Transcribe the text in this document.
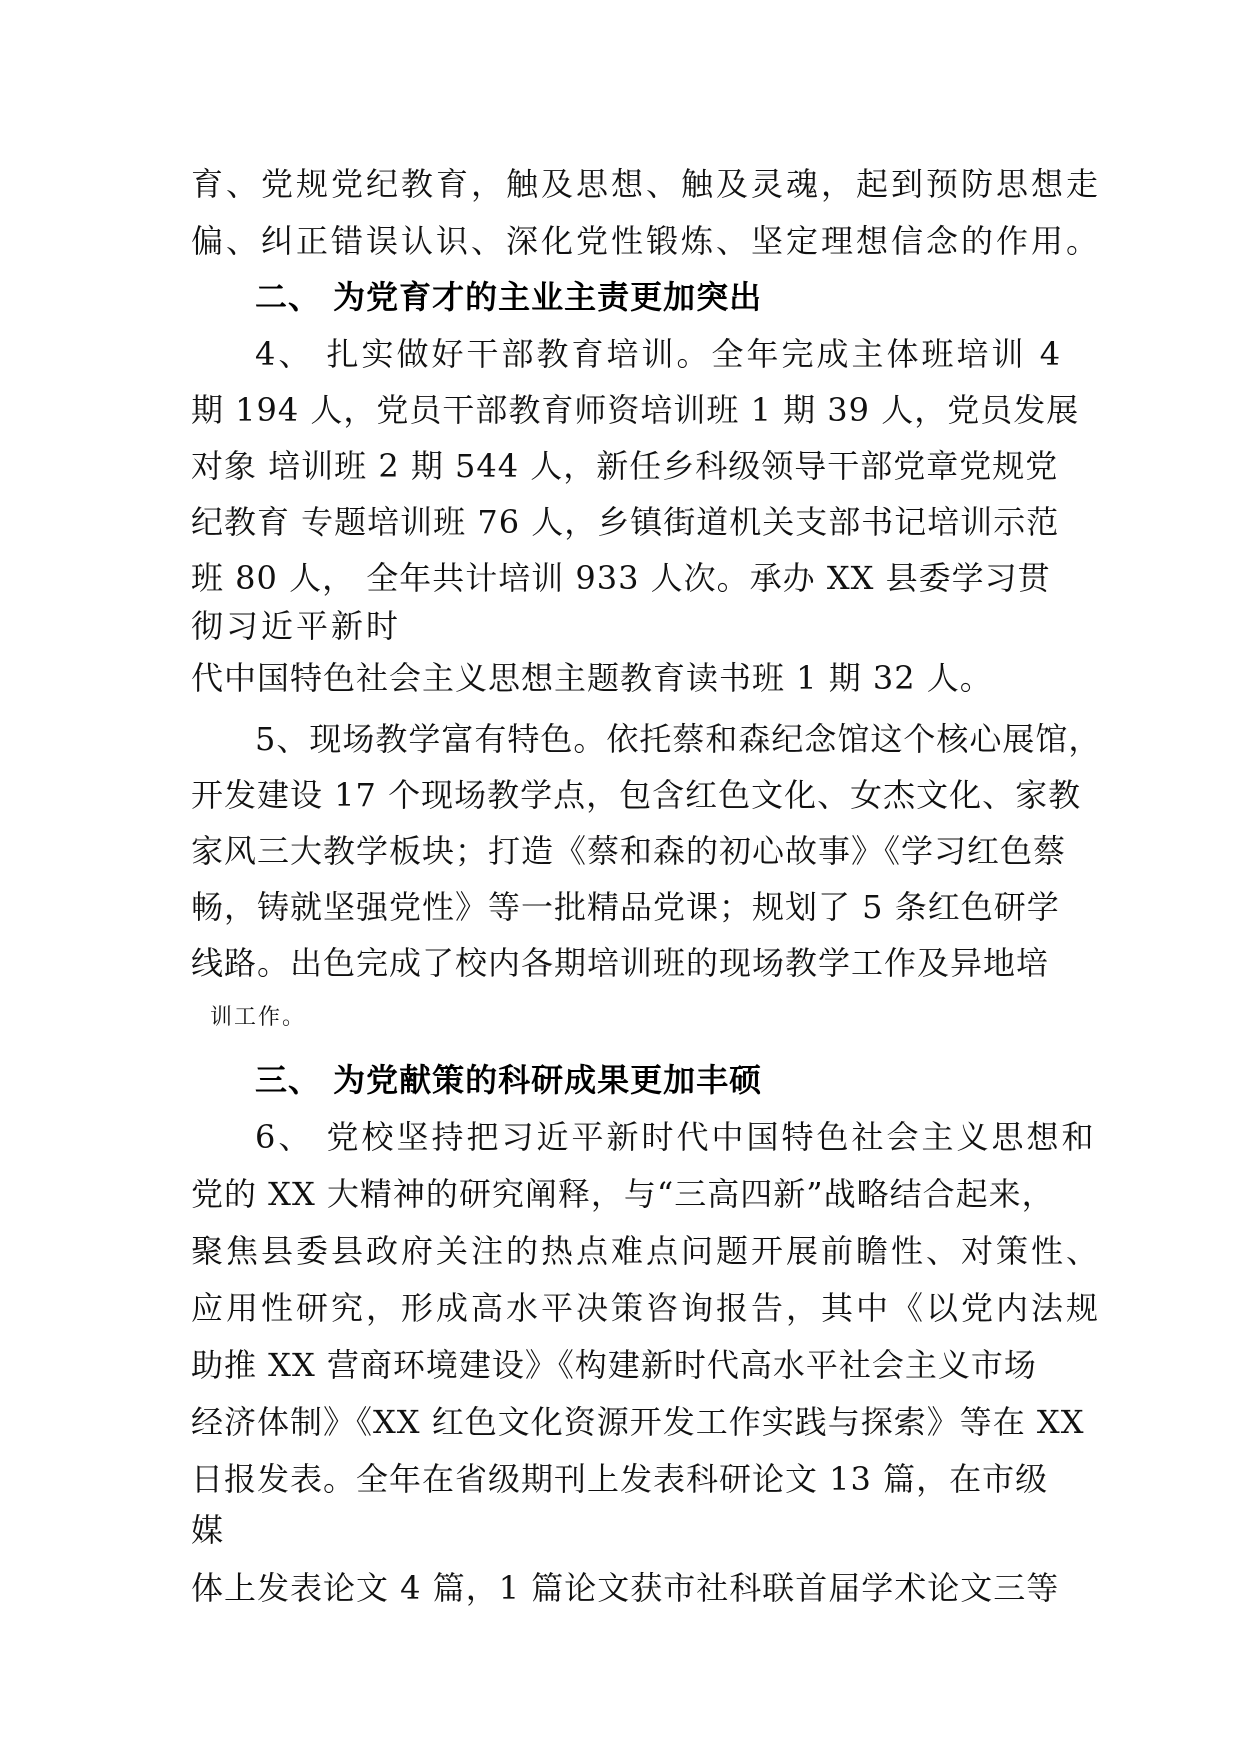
育、党规党纪教育，触及思想、触及灵魂，起到预防思想走
偏、纠正错误认识、深化党性锻炼、坚定理想信念的作用。
二、 为党育才的主业主责更加突出
4、 扎实做好干部教育培训。全年完成主体班培训 4
期 194 人，党员干部教育师资培训班 1 期 39 人，党员发展
对象 培训班 2 期 544 人，新任乡科级领导干部党章党规党
纪教育 专题培训班 76 人，乡镇街道机关支部书记培训示范
班 80 人， 全年共计培训 933 人次。承办 XX 县委学习贯
彻习近平新时
代中国特色社会主义思想主题教育读书班 1 期 32 人。
5、现场教学富有特色。依托蔡和森纪念馆这个核心展馆，
开发建设 17 个现场教学点，包含红色文化、女杰文化、家教
家风三大教学板块；打造《蔡和森的初心故事》《学习红色蔡
畅，铸就坚强党性》等一批精品党课；规划了 5 条红色研学
线路。出色完成了校内各期培训班的现场教学工作及异地培
训工作。
三、 为党献策的科研成果更加丰硕
6、 党校坚持把习近平新时代中国特色社会主义思想和
党的 XX 大精神的研究阐释，与“三高四新”战略结合起来，
聚焦县委县政府关注的热点难点问题开展前瞻性、对策性、
应用性研究，形成高水平决策咨询报告，其中《以党内法规
助推 XX 营商环境建设》《构建新时代高水平社会主义市场
经济体制》《XX 红色文化资源开发工作实践与探索》等在 XX
日报发表。全年在省级期刊上发表科研论文 13 篇，在市级
媒
体上发表论文 4 篇，1 篇论文获市社科联首届学术论文三等
